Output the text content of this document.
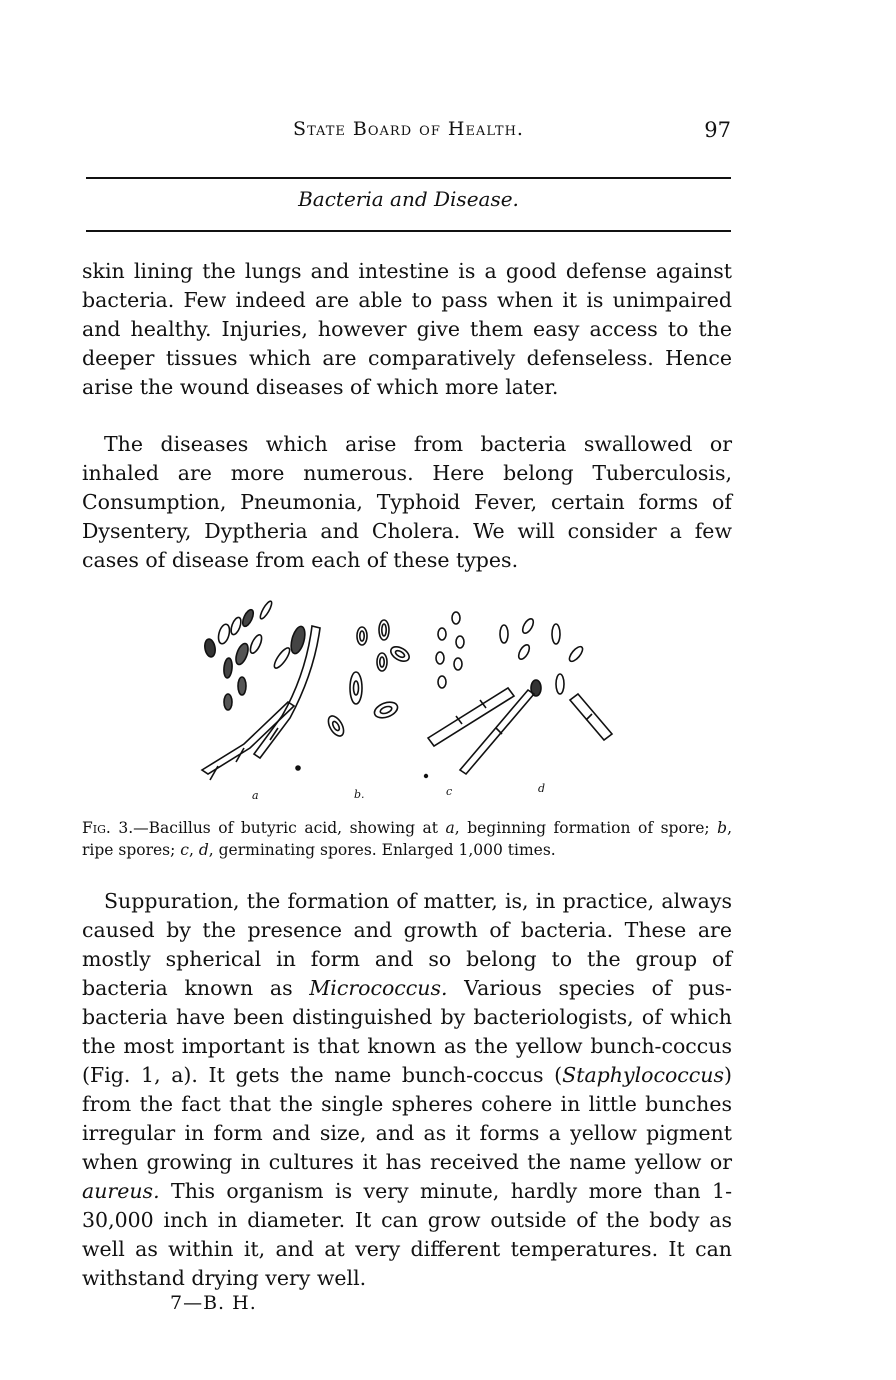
State Board of Health.	97
Bacteria and Disease.

skin lining the lungs and intestine is a good defense against bacteria. Few indeed are able to pass when it is unimpaired and healthy. Injuries, however give them easy access to the deeper tissues which are comparatively defenseless. Hence arise the wound diseases of which more later.

The diseases which arise from bacteria swallowed or inhaled are more numerous. Here belong Tuberculosis, Consumption, Pneumonia, Typhoid Fever, certain forms of Dysentery, Dyptheria and Cholera. We will consider a few cases of disease from each of these types.

a	b.	c	d
Fig. 3.—Bacillus of butyric acid, showing at a, beginning formation of spore; b, ripe spores; c, d, germinating spores. Enlarged 1,000 times.

Suppuration, the formation of matter, is, in practice, always caused by the presence and growth of bacteria. These are mostly spherical in form and so belong to the group of bacteria known as Micrococcus. Various species of pus-bacteria have been distinguished by bacteriologists, of which the most important is that known as the yellow bunch-coccus (Fig. 1, a). It gets the name bunch-coccus (Staphylococcus) from the fact that the single spheres cohere in little bunches irregular in form and size, and as it forms a yellow pigment when growing in cultures it has received the name yellow or aureus. This organism is very minute, hardly more than 1-30,000 inch in diameter. It can grow outside of the body as well as within it, and at very different temperatures. It can withstand drying very well.

7—B. H.
